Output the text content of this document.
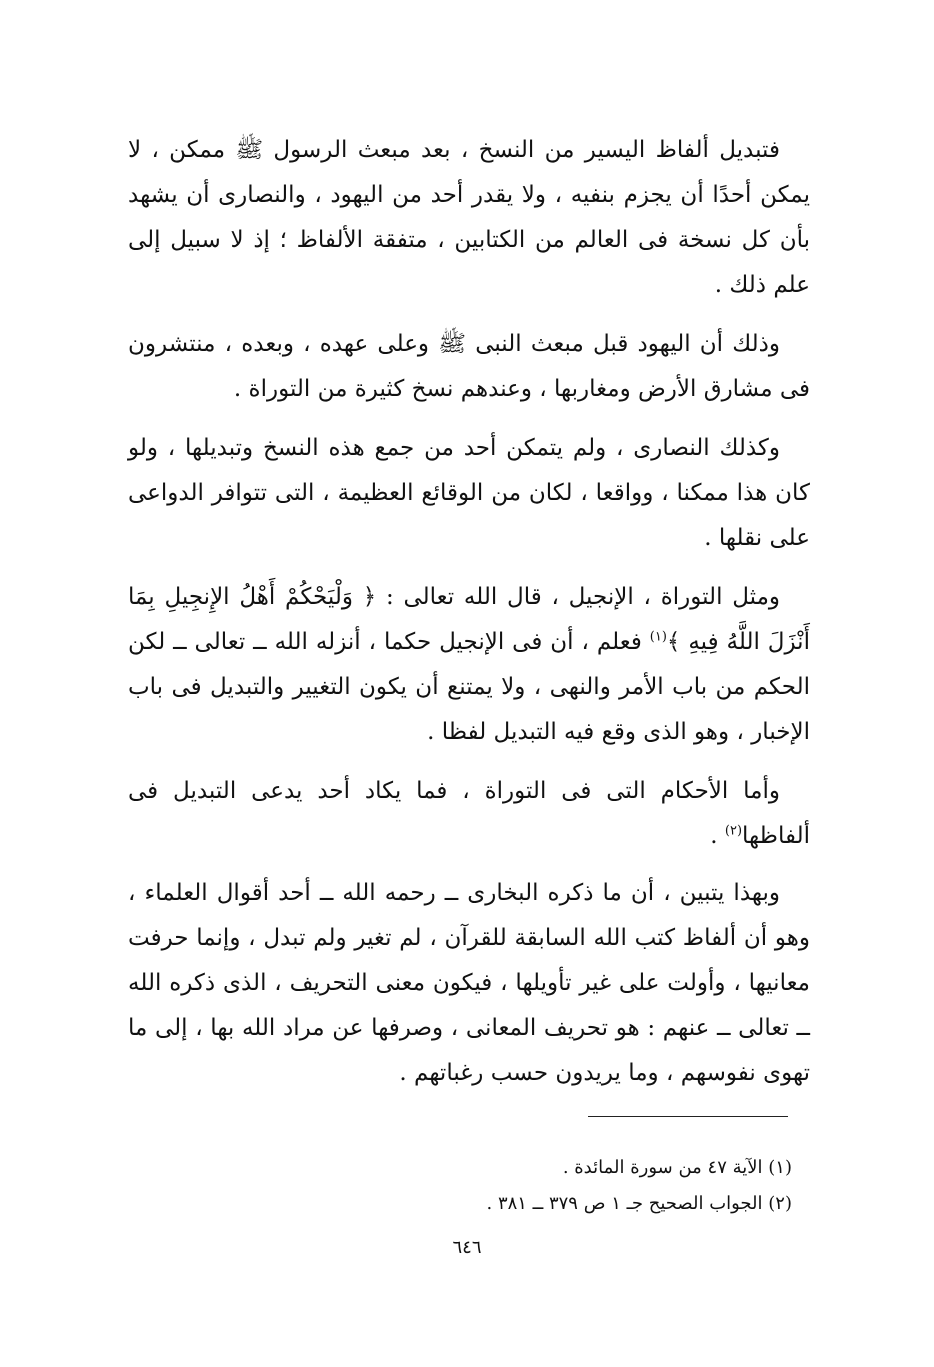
فتبديل ألفاظ اليسير من النسخ ، بعد مبعث الرسول ﷺ ممكن ، لا يمكن أحدًا أن يجزم بنفيه ، ولا يقدر أحد من اليهود ، والنصارى أن يشهد بأن كل نسخة فى العالم من الكتابين ، متفقة الألفاظ ؛ إذ لا سبيل إلى علم ذلك .

وذلك أن اليهود قبل مبعث النبى ﷺ وعلى عهده ، وبعده ، منتشرون فى مشارق الأرض ومغاربها ، وعندهم نسخ كثيرة من التوراة .

وكذلك النصارى ، ولم يتمكن أحد من جمع هذه النسخ وتبديلها ، ولو كان هذا ممكنا ، وواقعا ، لكان من الوقائع العظيمة ، التى تتوافر الدواعى على نقلها .

ومثل التوراة ، الإنجيل ، قال الله تعالى : ﴿ وَلْيَحْكُمْ أَهْلُ الإِنجِيلِ بِمَا أَنْزَلَ اللَّهُ فِيهِ ﴾$^{(١)}$ فعلم ، أن فى الإنجيل حكما ، أنزله الله ــ تعالى ــ لكن الحكم من باب الأمر والنهى ، ولا يمتنع أن يكون التغيير والتبديل فى باب الإخبار ، وهو الذى وقع فيه التبديل لفظا .

وأما الأحكام التى فى التوراة ، فما يكاد أحد يدعى التبديل فى ألفاظها$^{(٢)}$ .

وبهذا يتبين ، أن ما ذكره البخارى ــ رحمه الله ــ أحد أقوال العلماء ، وهو أن ألفاظ كتب الله السابقة للقرآن ، لم تغير ولم تبدل ، وإنما حرفت معانيها ، وأولت على غير تأويلها ، فيكون معنى التحريف ، الذى ذكره الله ــ تعالى ــ عنهم : هو تحريف المعانى ، وصرفها عن مراد الله بها ، إلى ما تهوى نفوسهم ، وما يريدون حسب رغباتهم .

(١) الآية ٤٧ من سورة المائدة .

(٢) الجواب الصحيح جـ ١ ص ٣٧٩ ــ ٣٨١ .

٦٤٦
